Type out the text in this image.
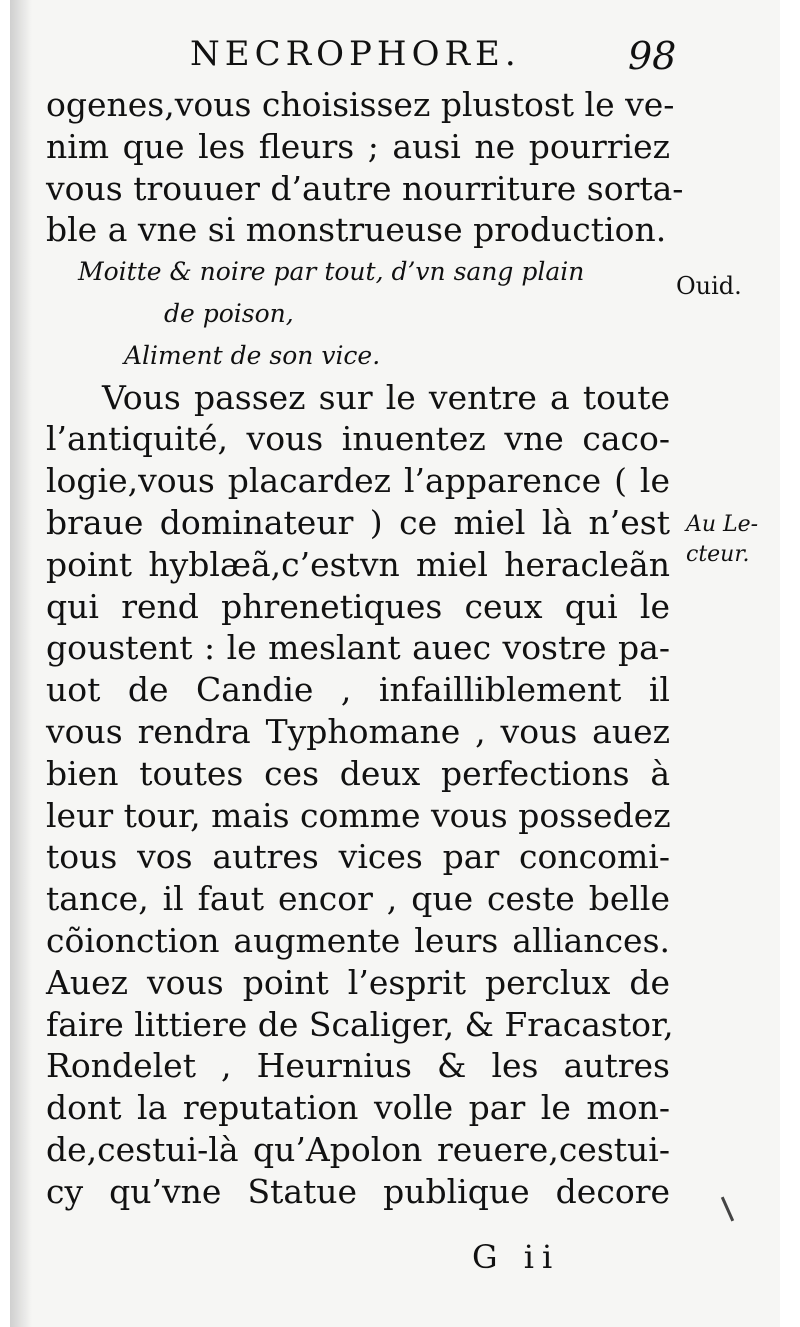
NECROPHORE.	98
ogenes,vous choisissez plustost le ve-
nim que les fleurs ; ausi ne pourriez
vous trouuer d’autre nourriture sorta-
ble a vne si monstrueuse production.
Moitte & noire par tout, d’vn sang plain
de poison,
Aliment de son vice.
Vous passez sur le ventre a toute
l’antiquité, vous inuentez vne caco-
logie,vous placardez l’apparence ( le
braue dominateur ) ce miel là n’est
point hyblæã,c’estvn miel heracleãn
qui rend phrenetiques ceux qui le
goustent : le meslant auec vostre pa-
uot de Candie , infailliblement il
vous rendra Typhomane , vous auez
bien toutes ces deux perfections à
leur tour, mais comme vous possedez
tous vos autres vices par concomi-
tance, il faut encor , que ceste belle
cõionction augmente leurs alliances.
Auez vous point l’esprit perclux de
faire littiere de Scaliger, & Fracastor,
Rondelet , Heurnius & les autres
dont la reputation volle par le mon-
de,cestui-là qu’Apolon reuere,cestui-
cy qu’vne Statue publique decore
Ouid.
Au Le-
cteur.
G ii
